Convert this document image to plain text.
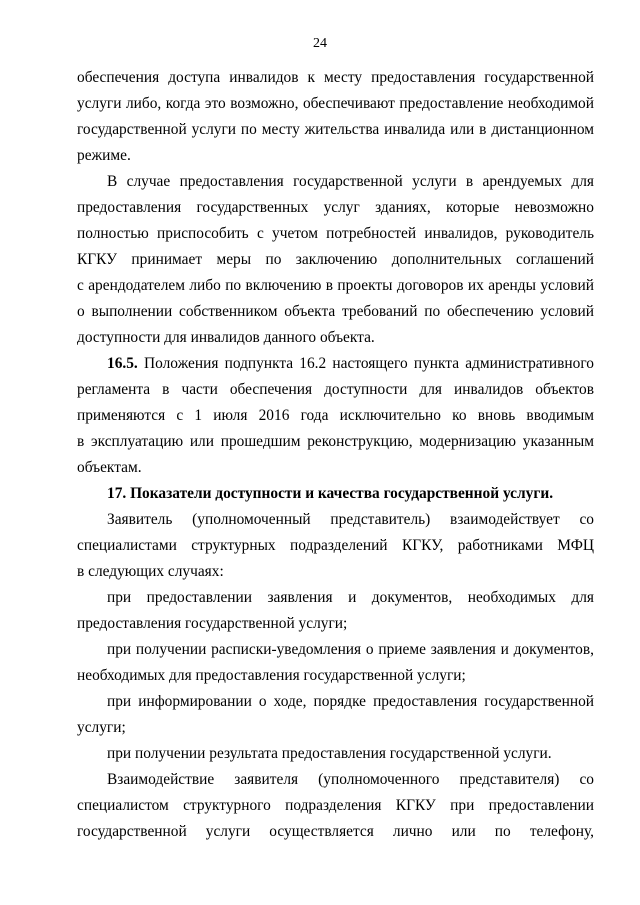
24
обеспечения доступа инвалидов к месту предоставления государственной
услуги либо, когда это возможно, обеспечивают предоставление необходимой
государственной услуги по месту жительства инвалида или в дистанционном
режиме.
В случае предоставления государственной услуги в арендуемых для
предоставления государственных услуг зданиях, которые невозможно
полностью приспособить с учетом потребностей инвалидов, руководитель
КГКУ принимает меры по заключению дополнительных соглашений
с арендодателем либо по включению в проекты договоров их аренды условий
о выполнении собственником объекта требований по обеспечению условий
доступности для инвалидов данного объекта.
16.5. Положения подпункта 16.2 настоящего пункта административного
регламента в части обеспечения доступности для инвалидов объектов
применяются с 1 июля 2016 года исключительно ко вновь вводимым
в эксплуатацию или прошедшим реконструкцию, модернизацию указанным
объектам.
17. Показатели доступности и качества государственной услуги.
Заявитель (уполномоченный представитель) взаимодействует со
специалистами структурных подразделений КГКУ, работниками МФЦ
в следующих случаях:
при предоставлении заявления и документов, необходимых для
предоставления государственной услуги;
при получении расписки-уведомления о приеме заявления и документов,
необходимых для предоставления государственной услуги;
при информировании о ходе, порядке предоставления государственной
услуги;
при получении результата предоставления государственной услуги.
Взаимодействие заявителя (уполномоченного представителя) со
специалистом структурного подразделения КГКУ при предоставлении
государственной услуги осуществляется лично или по телефону,
